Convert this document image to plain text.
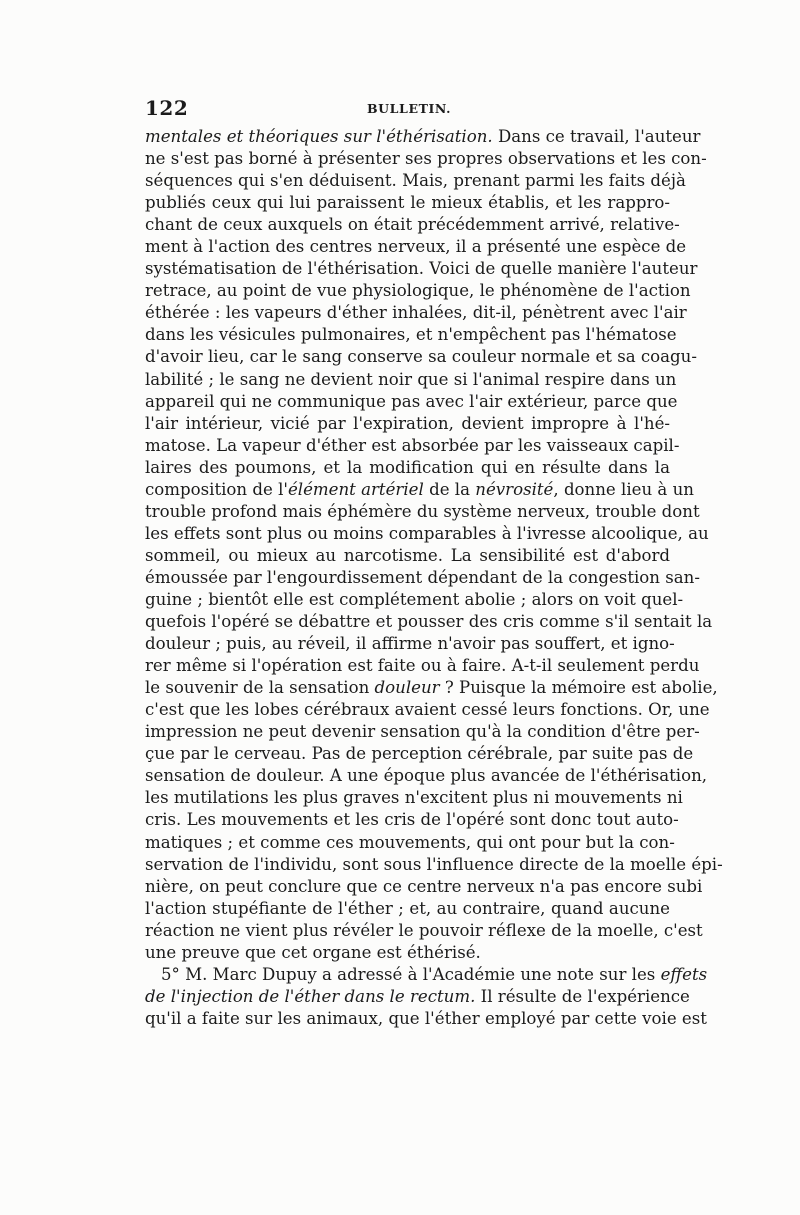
122	BULLETIN.
mentales et théoriques sur l'éthérisation. Dans ce travail, l'auteur
ne s'est pas borné à présenter ses propres observations et les con-
séquences qui s'en déduisent. Mais, prenant parmi les faits déjà
publiés ceux qui lui paraissent le mieux établis, et les rappro-
chant de ceux auxquels on était précédemment arrivé, relative-
ment à l'action des centres nerveux, il a présenté une espèce de
systématisation de l'éthérisation. Voici de quelle manière l'auteur
retrace, au point de vue physiologique, le phénomène de l'action
éthérée : les vapeurs d'éther inhalées, dit-il, pénètrent avec l'air
dans les vésicules pulmonaires, et n'empêchent pas l'hématose
d'avoir lieu, car le sang conserve sa couleur normale et sa coagu-
labilité ; le sang ne devient noir que si l'animal respire dans un
appareil qui ne communique pas avec l'air extérieur, parce que
l'air intérieur, vicié par l'expiration, devient impropre à l'hé-
matose. La vapeur d'éther est absorbée par les vaisseaux capil-
laires des poumons, et la modification qui en résulte dans la
composition de l'élément artériel de la névrosité, donne lieu à un
trouble profond mais éphémère du système nerveux, trouble dont
les effets sont plus ou moins comparables à l'ivresse alcoolique, au
sommeil, ou mieux au narcotisme. La sensibilité est d'abord
émoussée par l'engourdissement dépendant de la congestion san-
guine ; bientôt elle est complétement abolie ; alors on voit quel-
quefois l'opéré se débattre et pousser des cris comme s'il sentait la
douleur ; puis, au réveil, il affirme n'avoir pas souffert, et igno-
rer même si l'opération est faite ou à faire. A-t-il seulement perdu
le souvenir de la sensation douleur ? Puisque la mémoire est abolie,
c'est que les lobes cérébraux avaient cessé leurs fonctions. Or, une
impression ne peut devenir sensation qu'à la condition d'être per-
çue par le cerveau. Pas de perception cérébrale, par suite pas de
sensation de douleur. A une époque plus avancée de l'éthérisation,
les mutilations les plus graves n'excitent plus ni mouvements ni
cris. Les mouvements et les cris de l'opéré sont donc tout auto-
matiques ; et comme ces mouvements, qui ont pour but la con-
servation de l'individu, sont sous l'influence directe de la moelle épi-
nière, on peut conclure que ce centre nerveux n'a pas encore subi
l'action stupéfiante de l'éther ; et, au contraire, quand aucune
réaction ne vient plus révéler le pouvoir réflexe de la moelle, c'est
une preuve que cet organe est éthérisé.
5° M. Marc Dupuy a adressé à l'Académie une note sur les effets
de l'injection de l'éther dans le rectum. Il résulte de l'expérience
qu'il a faite sur les animaux, que l'éther employé par cette voie est
